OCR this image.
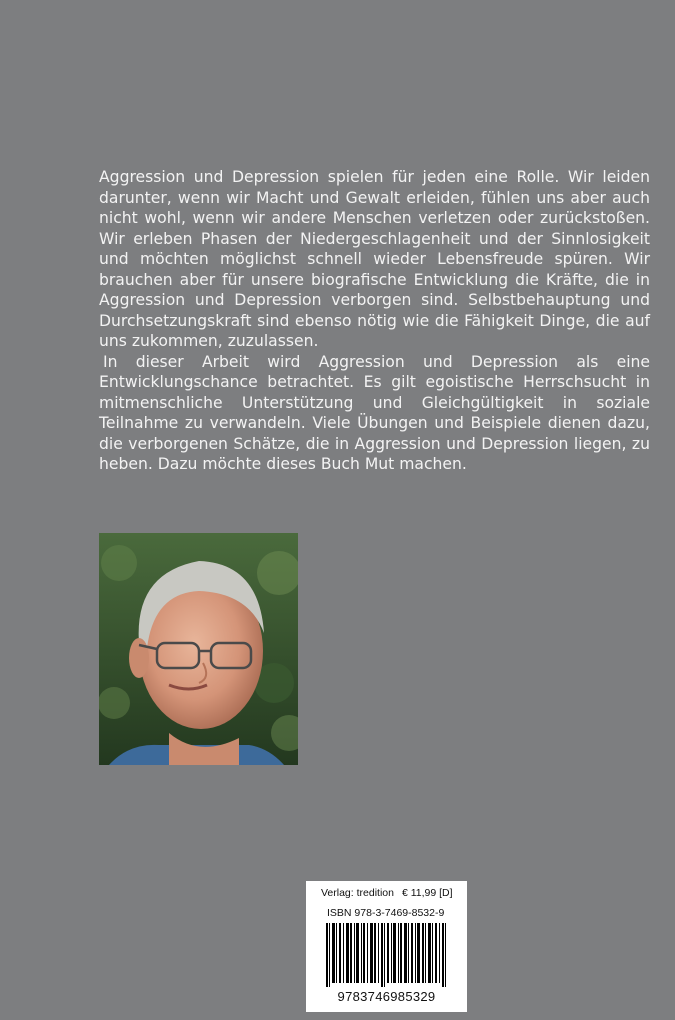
Aggression und Depression spielen für jeden eine Rolle. Wir leiden darunter, wenn wir Macht und Gewalt erleiden, fühlen uns aber auch nicht wohl, wenn wir andere Menschen verletzen oder zurückstoßen. Wir erleben Phasen der Niedergeschlagenheit und der Sinnlosigkeit und möchten möglichst schnell wieder Lebensfreude spüren. Wir brauchen aber für unsere biografische Entwicklung die Kräfte, die in Aggression und Depression verborgen sind. Selbstbehauptung und Durchsetzungskraft sind ebenso nötig wie die Fähigkeit Dinge, die auf uns zukommen, zuzulassen.

In dieser Arbeit wird Aggression und Depression als eine Entwicklungschance betrachtet. Es gilt egoistische Herrschsucht in mitmenschliche Unterstützung und Gleichgültigkeit in soziale Teilnahme zu verwandeln. Viele Übungen und Beispiele dienen dazu, die verborgenen Schätze, die in Aggression und Depression liegen, zu heben. Dazu möchte dieses Buch Mut machen.

Verlag: tredition € 11,99 [D]
ISBN 978-3-7469-8532-9
9783746985329
